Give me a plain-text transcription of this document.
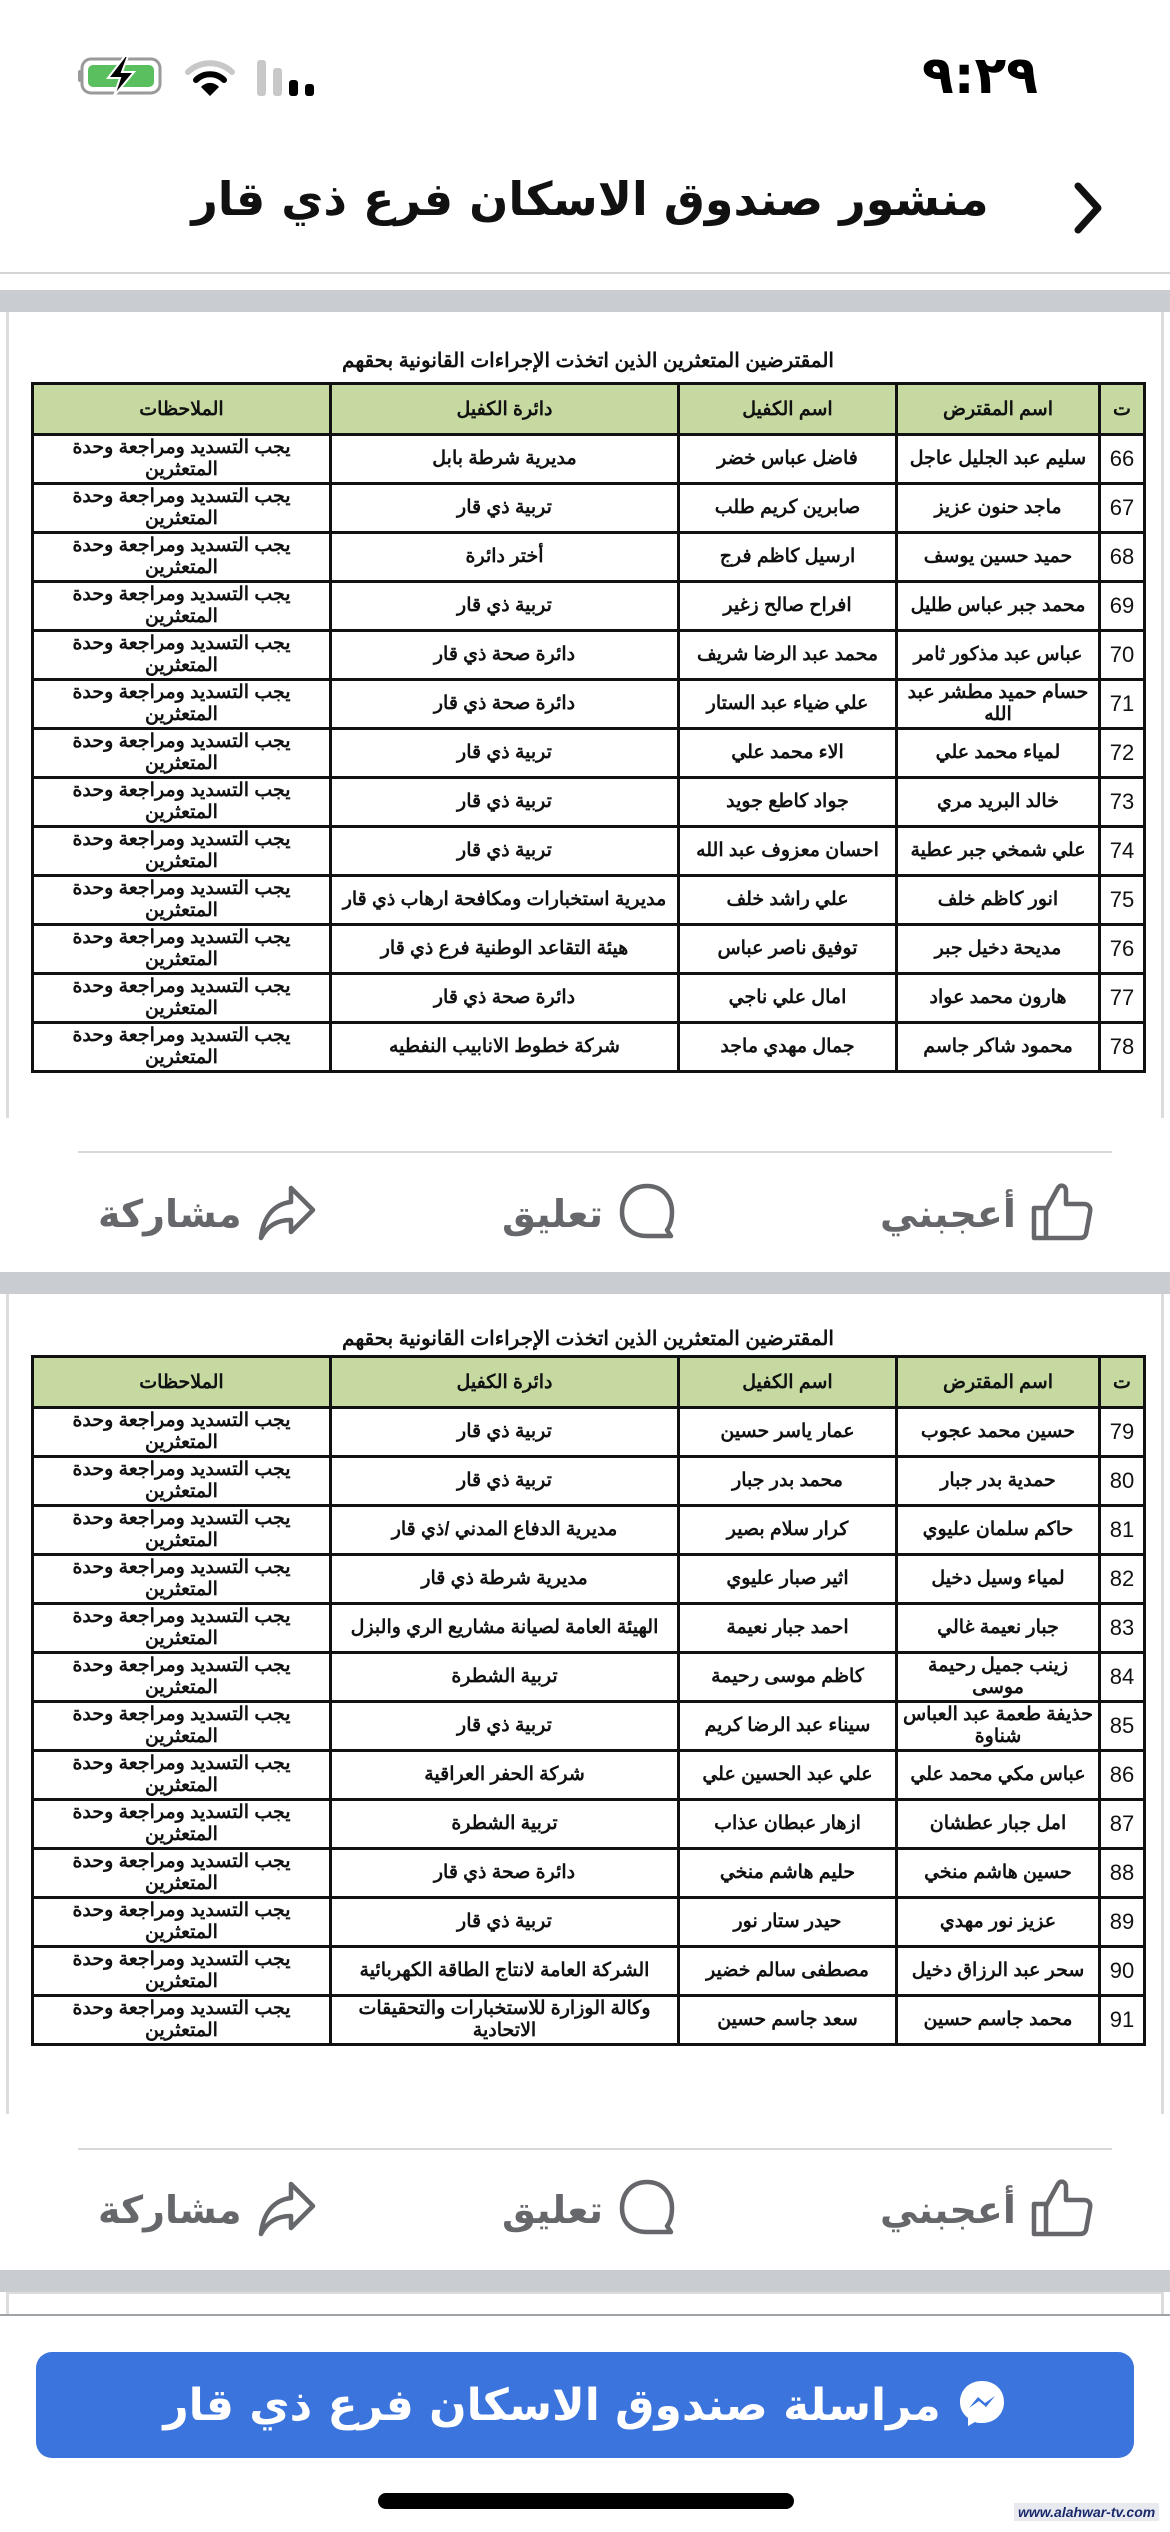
٩:٢٩
منشور صندوق الاسكان فرع ذي قار
المقترضين المتعثرين الذين اتخذت الإجراءات القانونية بحقهم
ت	اسم المقترض	اسم الكفيل	دائرة الكفيل	الملاحظات
66	سليم عبد الجليل عاجل	فاضل عباس خضر	مديرية شرطة بابل	يجب التسديد ومراجعة وحدة المتعثرين
67	ماجد حنون عزيز	صابرين كريم طلب	تربية ذي قار	يجب التسديد ومراجعة وحدة المتعثرين
68	حميد حسين يوسف	ارسيل كاظم فرج	أختر دائرة	يجب التسديد ومراجعة وحدة المتعثرين
69	محمد جبر عباس طليل	افراح صالح زغير	تربية ذي قار	يجب التسديد ومراجعة وحدة المتعثرين
70	عباس عبد مذكور ثامر	محمد عبد الرضا شريف	دائرة صحة ذي قار	يجب التسديد ومراجعة وحدة المتعثرين
71	حسام حميد مطشر عبد الله	علي ضياء عبد الستار	دائرة صحة ذي قار	يجب التسديد ومراجعة وحدة المتعثرين
72	لمياء محمد علي	الاء محمد علي	تربية ذي قار	يجب التسديد ومراجعة وحدة المتعثرين
73	خالد البريد مري	جواد كاطع جويد	تربية ذي قار	يجب التسديد ومراجعة وحدة المتعثرين
74	علي شمخي جبر عطية	احسان معزوف عبد الله	تربية ذي قار	يجب التسديد ومراجعة وحدة المتعثرين
75	انور كاظم خلف	علي راشد خلف	مديرية استخبارات ومكافحة ارهاب ذي قار	يجب التسديد ومراجعة وحدة المتعثرين
76	مديحة دخيل جبر	توفيق ناصر عباس	هيئة التقاعد الوطنية فرع ذي قار	يجب التسديد ومراجعة وحدة المتعثرين
77	هارون محمد عواد	امال علي ناجي	دائرة صحة ذي قار	يجب التسديد ومراجعة وحدة المتعثرين
78	محمود شاكر جاسم	جمال مهدي ماجد	شركة خطوط الانابيب النفطيه	يجب التسديد ومراجعة وحدة المتعثرين
أعجبني
تعليق
مشاركة
المقترضين المتعثرين الذين اتخذت الإجراءات القانونية بحقهم
ت	اسم المقترض	اسم الكفيل	دائرة الكفيل	الملاحظات
79	حسين محمد عجوب	عمار ياسر حسين	تربية ذي قار	يجب التسديد ومراجعة وحدة المتعثرين
80	حمدية بدر جبار	محمد بدر جبار	تربية ذي قار	يجب التسديد ومراجعة وحدة المتعثرين
81	حاكم سلمان عليوي	كرار سلام بصير	مديرية الدفاع المدني /ذي قار	يجب التسديد ومراجعة وحدة المتعثرين
82	لمياء وسيل دخيل	اثير صبار عليوي	مديرية شرطة ذي قار	يجب التسديد ومراجعة وحدة المتعثرين
83	جبار نعيمة غالي	احمد جبار نعيمة	الهيئة العامة لصيانة مشاريع الري والبزل	يجب التسديد ومراجعة وحدة المتعثرين
84	زينب جميل رحيمة موسى	كاظم موسى رحيمة	تربية الشطرة	يجب التسديد ومراجعة وحدة المتعثرين
85	حذيفة طعمة عبد العباس شناوة	سيناء عبد الرضا كريم	تربية ذي قار	يجب التسديد ومراجعة وحدة المتعثرين
86	عباس مكي محمد علي	علي عبد الحسين علي	شركة الحفر العراقية	يجب التسديد ومراجعة وحدة المتعثرين
87	امل جبار عطشان	ازهار عبطان عذاب	تربية الشطرة	يجب التسديد ومراجعة وحدة المتعثرين
88	حسين هاشم منخي	حليم هاشم منخي	دائرة صحة ذي قار	يجب التسديد ومراجعة وحدة المتعثرين
89	عزيز نور مهدي	حيدر ستار نور	تربية ذي قار	يجب التسديد ومراجعة وحدة المتعثرين
90	سحر عبد الرزاق دخيل	مصطفى سالم خضير	الشركة العامة لانتاج الطاقة الكهربائية	يجب التسديد ومراجعة وحدة المتعثرين
91	محمد جاسم حسين	سعد جاسم حسين	وكالة الوزارة للاستخبارات والتحقيقات الاتحادية	يجب التسديد ومراجعة وحدة المتعثرين
أعجبني
تعليق
مشاركة
مراسلة صندوق الاسكان فرع ذي قار
www.alahwar-tv.com
